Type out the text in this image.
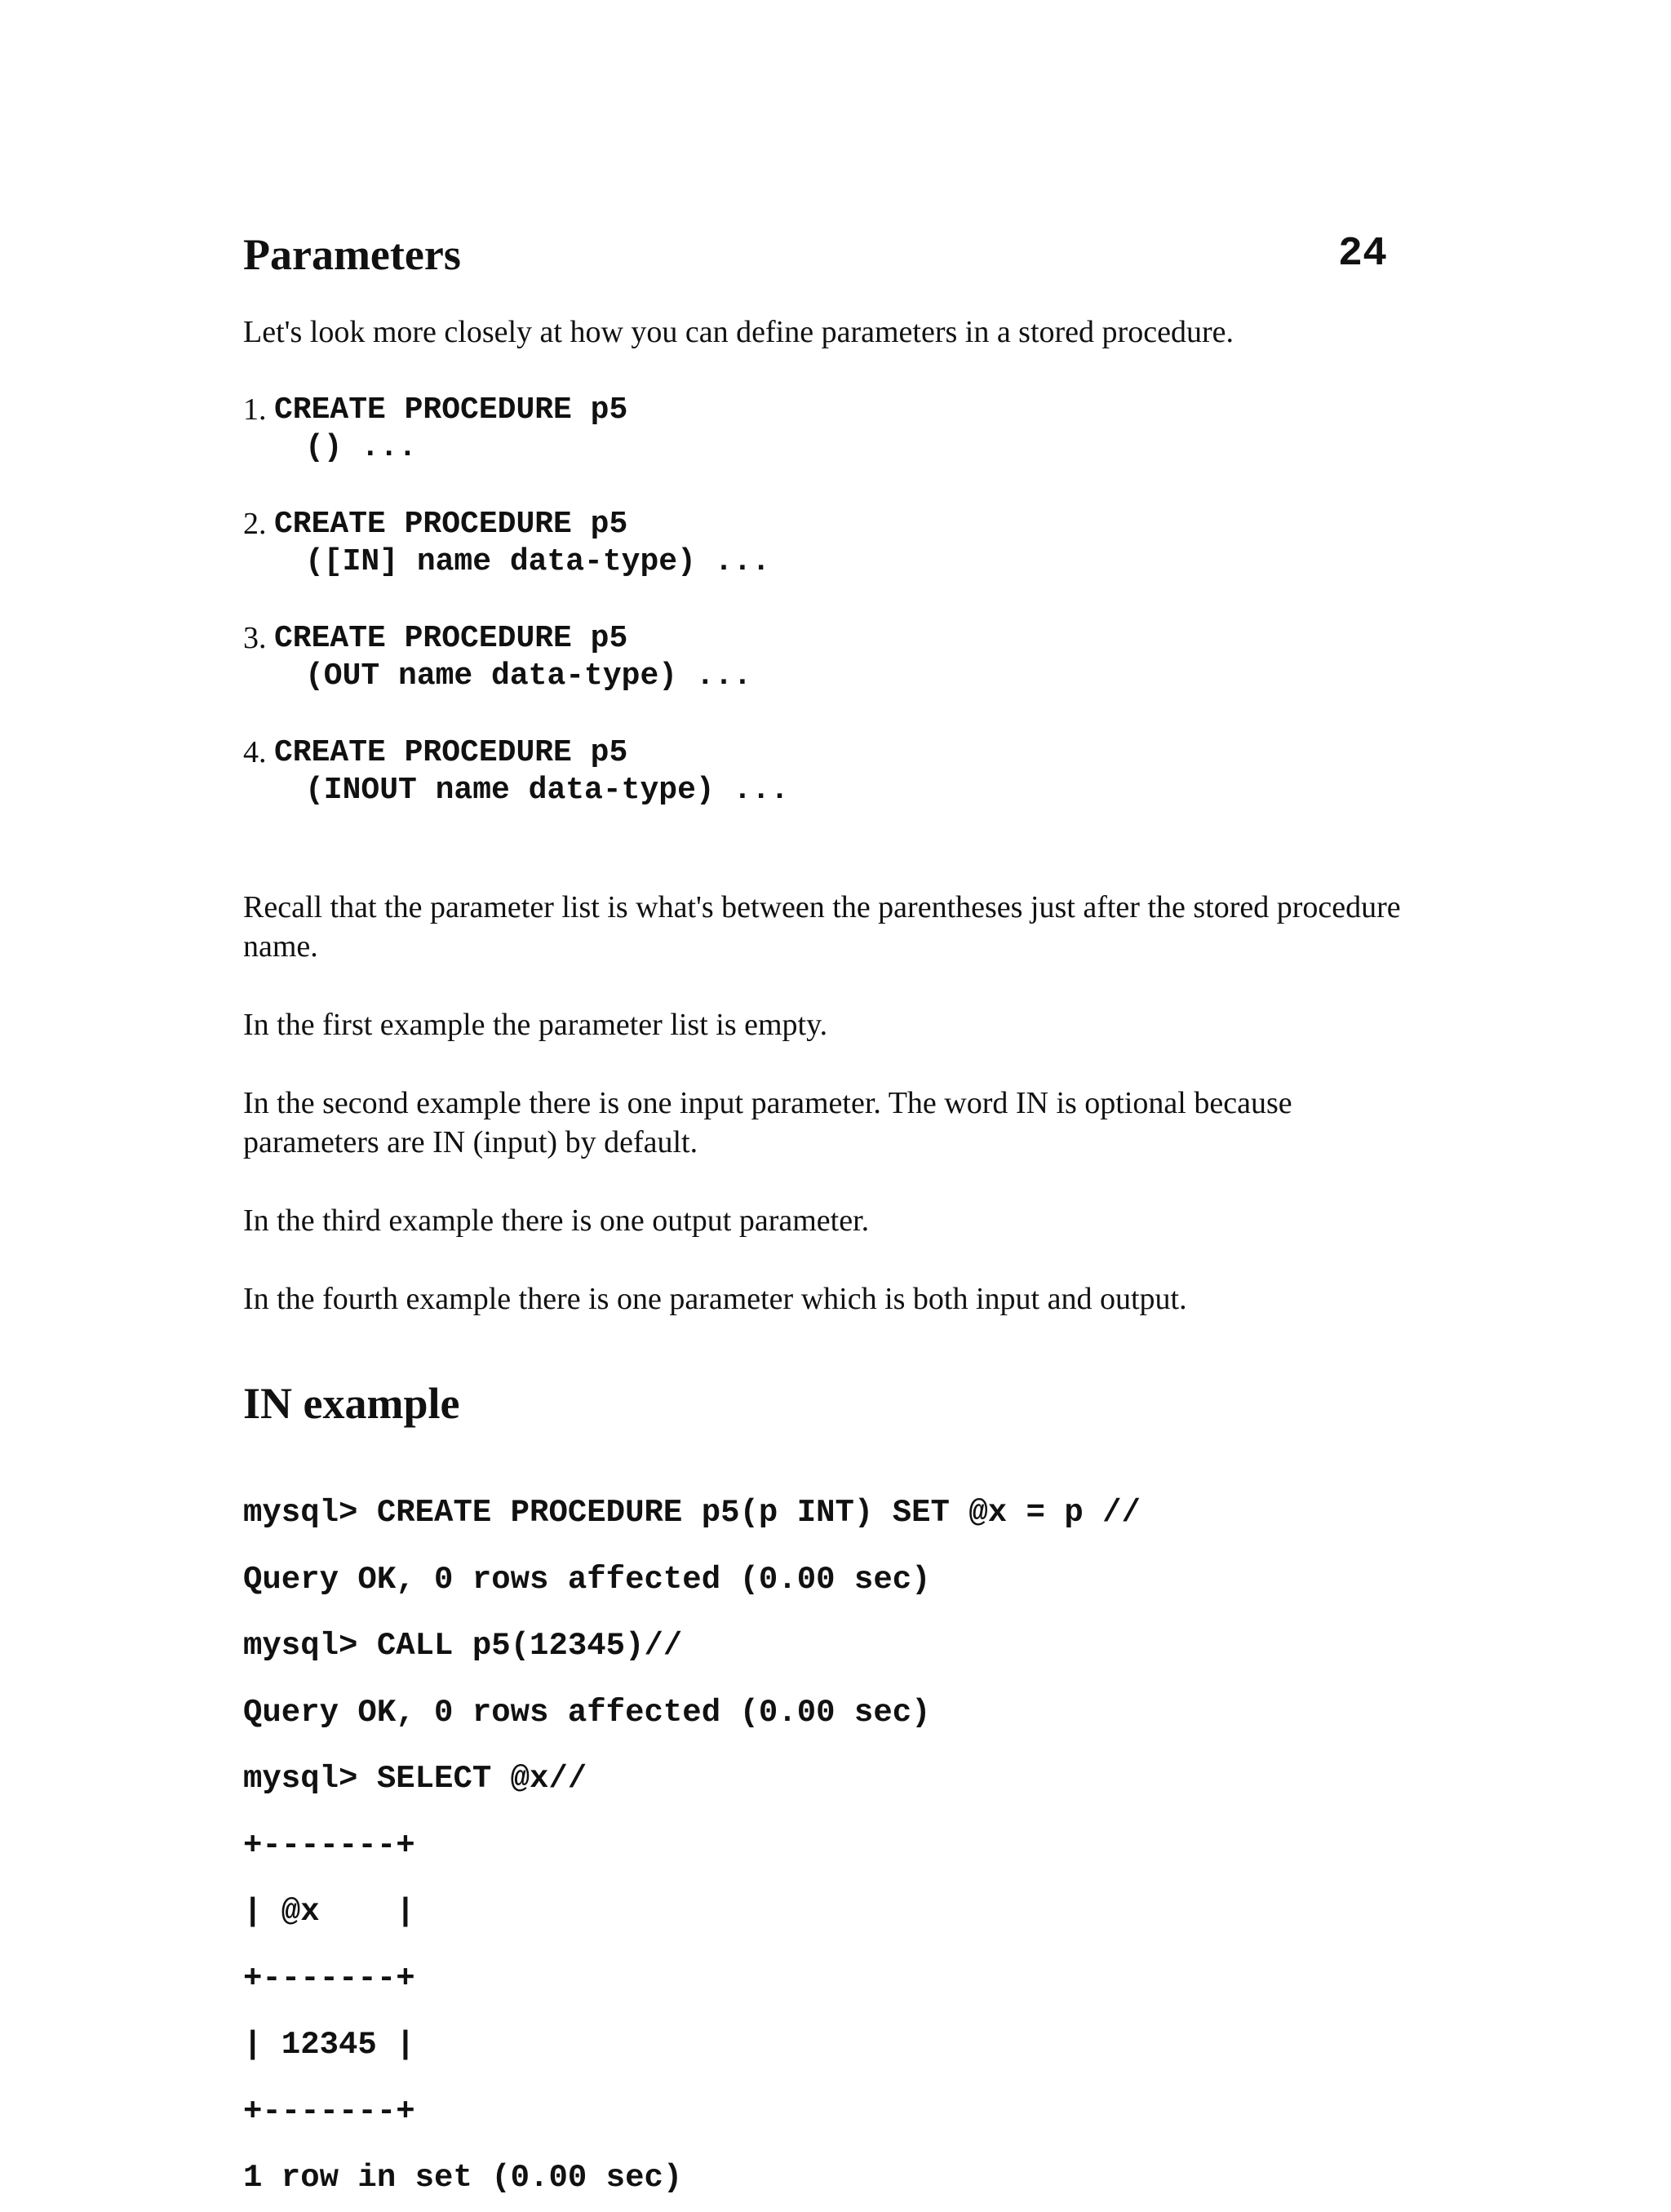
Parameters	24
Let's look more closely at how you can define parameters in a stored procedure.
1. CREATE PROCEDURE p5
() ...
2. CREATE PROCEDURE p5
([IN] name data-type) ...
3. CREATE PROCEDURE p5
(OUT name data-type) ...
4. CREATE PROCEDURE p5
(INOUT name data-type) ...
Recall that the parameter list is what's between the parentheses just after the stored procedure name.
In the first example the parameter list is empty.
In the second example there is one input parameter. The word IN is optional because parameters are IN (input) by default.
In the third example there is one output parameter.
In the fourth example there is one parameter which is both input and output.
IN example

mysql> CREATE PROCEDURE p5(p INT) SET @x = p //

Query OK, 0 rows affected (0.00 sec)

mysql> CALL p5(12345)//

Query OK, 0 rows affected (0.00 sec)

mysql> SELECT @x//

+-------+

| @x    |

+-------+

| 12345 |

+-------+

1 row in set (0.00 sec)
